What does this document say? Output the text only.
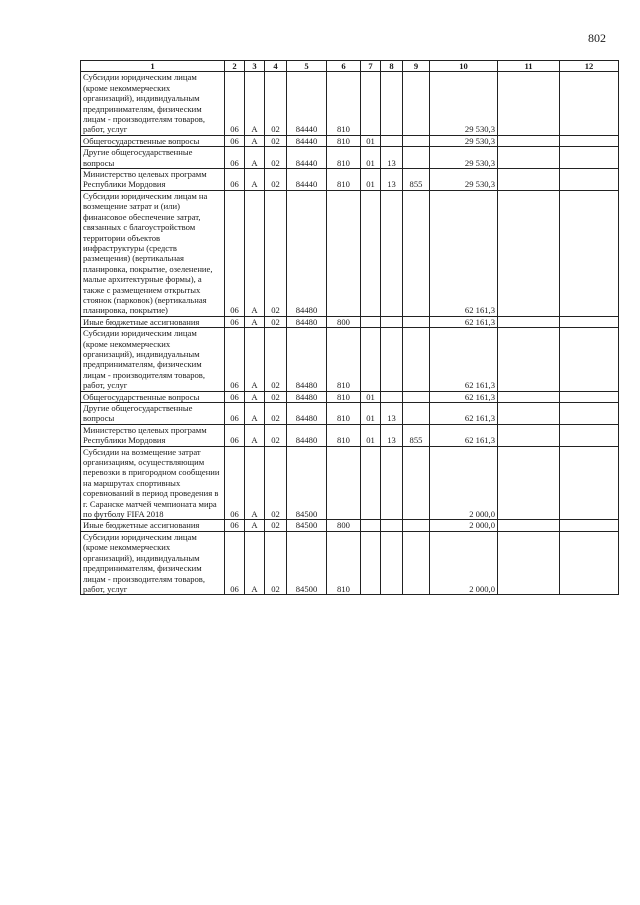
802
1	2	3	4	5	6	7	8	9	10	11	12
Субсидии юридическим лицам (кроме некоммерческих организаций), индивидуальным предпринимателям, физическим лицам - производителям товаров, работ, услуг	06	А	02	84440	810				29 530,3		
Общегосударственные вопросы	06	А	02	84440	810	01			29 530,3		
Другие общегосударственные вопросы	06	А	02	84440	810	01	13		29 530,3		
Министерство целевых программ Республики Мордовия	06	А	02	84440	810	01	13	855	29 530,3		
Субсидии юридическим лицам на возмещение затрат и (или) финансовое обеспечение затрат, связанных с благоустройством территории объектов инфраструктуры (средств размещения) (вертикальная планировка, покрытие, озеленение, малые архитектурные формы), а также с размещением открытых стоянок (парковок) (вертикальная планировка, покрытие)	06	А	02	84480					62 161,3		
Иные бюджетные ассигнования	06	А	02	84480	800				62 161,3		
Субсидии юридическим лицам (кроме некоммерческих организаций), индивидуальным предпринимателям, физическим лицам - производителям товаров, работ, услуг	06	А	02	84480	810				62 161,3		
Общегосударственные вопросы	06	А	02	84480	810	01			62 161,3		
Другие общегосударственные вопросы	06	А	02	84480	810	01	13		62 161,3		
Министерство целевых программ Республики Мордовия	06	А	02	84480	810	01	13	855	62 161,3		
Субсидии на возмещение затрат организациям, осуществляющим перевозки в пригородном сообщении на маршрутах спортивных соревнований в период проведения в г. Саранске матчей чемпионата мира по футболу FIFA 2018	06	А	02	84500					2 000,0		
Иные бюджетные ассигнования	06	А	02	84500	800				2 000,0		
Субсидии юридическим лицам (кроме некоммерческих организаций), индивидуальным предпринимателям, физическим лицам - производителям товаров, работ, услуг	06	А	02	84500	810				2 000,0		
